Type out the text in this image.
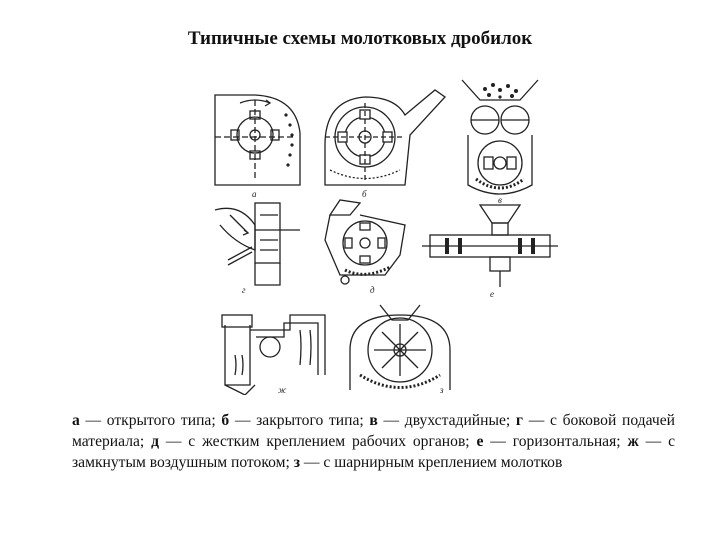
Типичные схемы молотковых дробилок
а	б
в
г	д	е
ж	з
а — открытого типа; б — закрытого типа; в — двухстадийные; г — с боковой подачей материала; д — с жестким креплением рабочих органов; е — горизонтальная; ж — с замкнутым воздушным потоком; з — с шарнирным креплением молотков
